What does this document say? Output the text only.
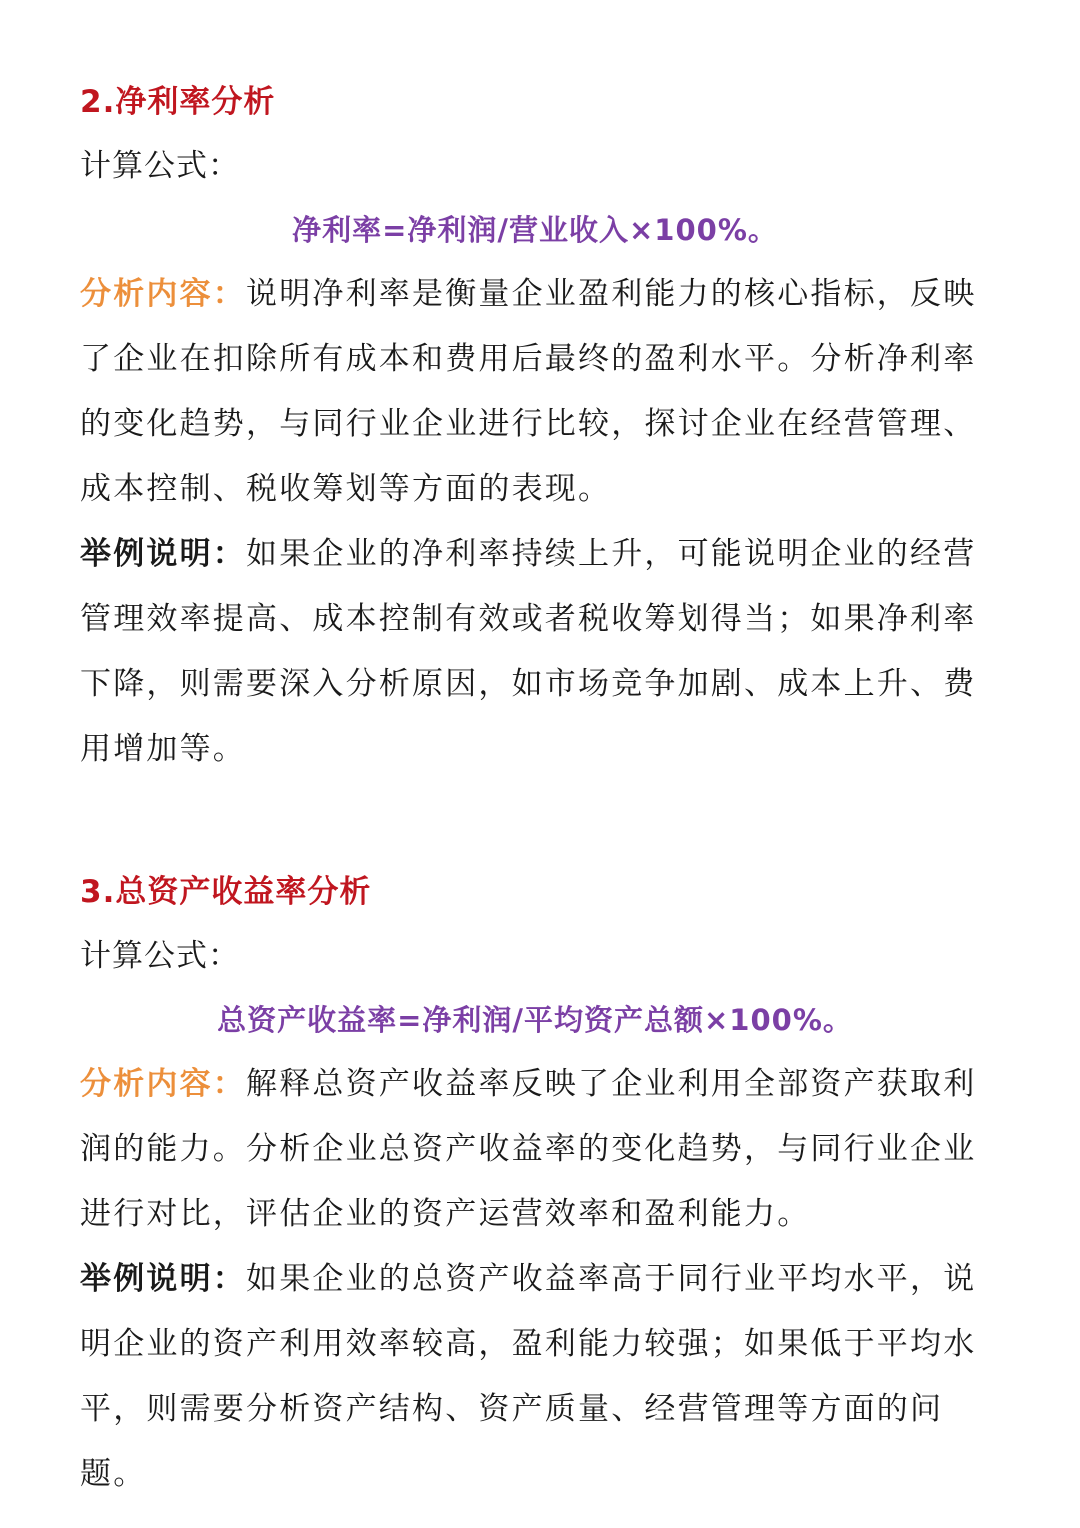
2.净利率分析

计算公式：

净利率=净利润/营业收入×100%。

分析内容：说明净利率是衡量企业盈利能力的核心指标，反映了企业在扣除所有成本和费用后最终的盈利水平。分析净利率的变化趋势，与同行业企业进行比较，探讨企业在经营管理、成本控制、税收筹划等方面的表现。

举例说明：如果企业的净利率持续上升，可能说明企业的经营管理效率提高、成本控制有效或者税收筹划得当；如果净利率下降，则需要深入分析原因，如市场竞争加剧、成本上升、费用增加等。

3.总资产收益率分析

计算公式：

总资产收益率=净利润/平均资产总额×100%。

分析内容：解释总资产收益率反映了企业利用全部资产获取利润的能力。分析企业总资产收益率的变化趋势，与同行业企业进行对比，评估企业的资产运营效率和盈利能力。

举例说明：如果企业的总资产收益率高于同行业平均水平，说明企业的资产利用效率较高，盈利能力较强；如果低于平均水平，则需要分析资产结构、资产质量、经营管理等方面的问题。
